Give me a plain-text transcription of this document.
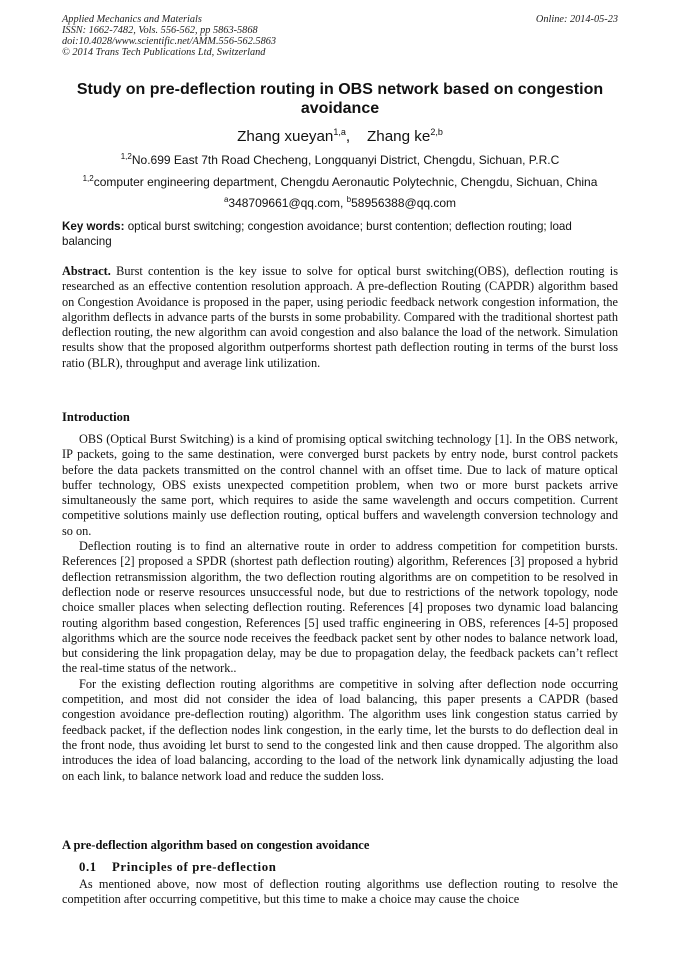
Applied Mechanics and Materials
ISSN: 1662-7482, Vols. 556-562, pp 5863-5868
doi:10.4028/www.scientific.net/AMM.556-562.5863
© 2014 Trans Tech Publications Ltd, Switzerland
Online: 2014-05-23
Study on pre-deflection routing in OBS network based on congestion avoidance
Zhang xueyan$^{1,a}$,    Zhang ke$^{2,b}$
$^{1,2}$No.699 East 7th Road Checheng, Longquanyi District, Chengdu, Sichuan, P.R.C
$^{1,2}$computer engineering department, Chengdu Aeronautic Polytechnic, Chengdu, Sichuan, China
$^a$348709661@qq.com, $^b$58956388@qq.com
Key words: optical burst switching; congestion avoidance; burst contention; deflection routing; load balancing
Abstract. Burst contention is the key issue to solve for optical burst switching(OBS), deflection routing is researched as an effective contention resolution approach. A pre-deflection Routing (CAPDR) algorithm based on Congestion Avoidance is proposed in the paper, using periodic feedback network congestion information, the algorithm deflects in advance parts of the bursts in some probability. Compared with the traditional shortest path deflection routing, the new algorithm can avoid congestion and also balance the load of the network. Simulation results show that the proposed algorithm outperforms shortest path deflection routing in terms of the burst loss ratio (BLR), throughput and average link utilization.
Introduction

OBS (Optical Burst Switching) is a kind of promising optical switching technology [1]. In the OBS network, IP packets, going to the same destination, were converged burst packets by entry node, burst control packets before the data packets transmitted on the control channel with an offset time. Due to lack of mature optical buffer technology, OBS exists unexpected competition problem, when two or more burst packets arrive simultaneously the same port, which requires to aside the same wavelength and occurs competition. Current competitive solutions mainly use deflection routing, optical buffers and wavelength conversion technology and so on.

Deflection routing is to find an alternative route in order to address competition for competition bursts. References [2] proposed a SPDR (shortest path deflection routing) algorithm, References [3] proposed a hybrid deflection retransmission algorithm, the two deflection routing algorithms are on competition to be resolved in deflection node or reserve resources unsuccessful node, but due to restrictions of the network topology, node choice smaller places when selecting deflection routing. References [4] proposes two dynamic load balancing routing algorithm based congestion, References [5] used traffic engineering in OBS, references [4-5] proposed algorithms which are the source node receives the feedback packet sent by other nodes to balance network load, but considering the link propagation delay, may be due to propagation delay, the feedback packets can’t reflect the real-time status of the network..

For the existing deflection routing algorithms are competitive in solving after deflection node occurring competition, and most did not consider the idea of load balancing, this paper presents a CAPDR (based congestion avoidance pre-deflection routing) algorithm. The algorithm uses link congestion status carried by feedback packet, if the deflection nodes link congestion, in the early time, let the bursts to do deflection deal in the front node, thus avoiding let burst to send to the congested link and then cause dropped. The algorithm also introduces the idea of load balancing, according to the load of the network link dynamically adjusting the load on each link, to balance network load and reduce the sudden loss.

A pre-deflection algorithm based on congestion avoidance
0.1 Principles of pre-deflection

As mentioned above, now most of deflection routing algorithms use deflection routing to resolve the competition after occurring competitive, but this time to make a choice may cause the choice
